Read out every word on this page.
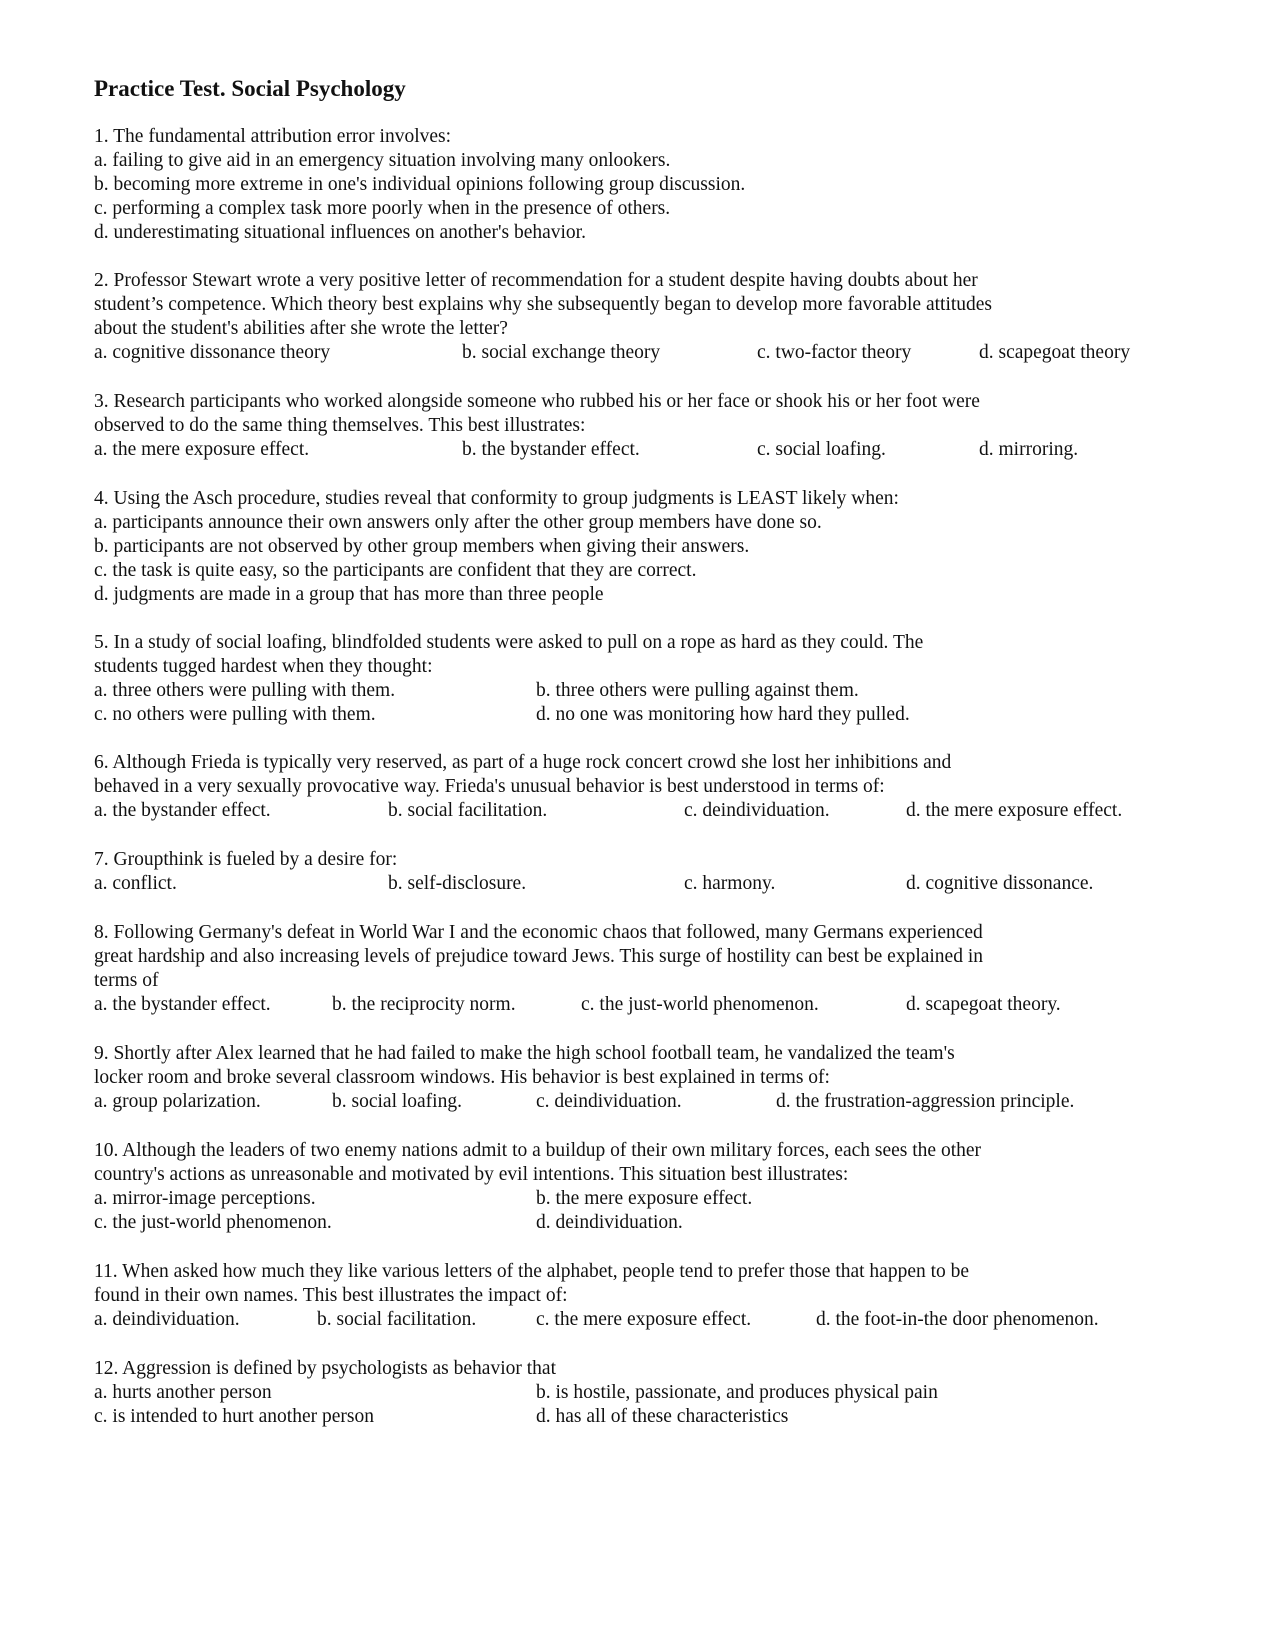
Practice Test. Social Psychology
1. The fundamental attribution error involves:
a. failing to give aid in an emergency situation involving many onlookers.
b. becoming more extreme in one's individual opinions following group discussion.
c. performing a complex task more poorly when in the presence of others.
d. underestimating situational influences on another's behavior.
2. Professor Stewart wrote a very positive letter of recommendation for a student despite having doubts about her
student’s competence. Which theory best explains why she subsequently began to develop more favorable attitudes
about the student's abilities after she wrote the letter?
a. cognitive dissonance theory	b. social exchange theory	c. two-factor theory	d. scapegoat theory
3. Research participants who worked alongside someone who rubbed his or her face or shook his or her foot were
observed to do the same thing themselves. This best illustrates:
a. the mere exposure effect.	b. the bystander effect.	c. social loafing.	d. mirroring.
4. Using the Asch procedure, studies reveal that conformity to group judgments is LEAST likely when:
a. participants announce their own answers only after the other group members have done so.
b. participants are not observed by other group members when giving their answers.
c. the task is quite easy, so the participants are confident that they are correct.
d. judgments are made in a group that has more than three people
5. In a study of social loafing, blindfolded students were asked to pull on a rope as hard as they could. The
students tugged hardest when they thought:
a. three others were pulling with them.	b. three others were pulling against them.
c. no others were pulling with them.	d. no one was monitoring how hard they pulled.
6. Although Frieda is typically very reserved, as part of a huge rock concert crowd she lost her inhibitions and
behaved in a very sexually provocative way. Frieda's unusual behavior is best understood in terms of:
a. the bystander effect.	b. social facilitation.	c. deindividuation.	d. the mere exposure effect.
7. Groupthink is fueled by a desire for:
a. conflict.	b. self-disclosure.	c. harmony.	d. cognitive dissonance.
8. Following Germany's defeat in World War I and the economic chaos that followed, many Germans experienced
great hardship and also increasing levels of prejudice toward Jews. This surge of hostility can best be explained in
terms of
a. the bystander effect.	b. the reciprocity norm.	c. the just-world phenomenon.	d. scapegoat theory.
9. Shortly after Alex learned that he had failed to make the high school football team, he vandalized the team's
locker room and broke several classroom windows. His behavior is best explained in terms of:
a. group polarization.	b. social loafing.	c. deindividuation.	d. the frustration-aggression principle.
10. Although the leaders of two enemy nations admit to a buildup of their own military forces, each sees the other
country's actions as unreasonable and motivated by evil intentions. This situation best illustrates:
a. mirror-image perceptions.	b. the mere exposure effect.
c. the just-world phenomenon.	d. deindividuation.
11. When asked how much they like various letters of the alphabet, people tend to prefer those that happen to be
found in their own names. This best illustrates the impact of:
a. deindividuation.	b. social facilitation.	c. the mere exposure effect.	d. the foot-in-the door phenomenon.
12. Aggression is defined by psychologists as behavior that
a. hurts another person	b. is hostile, passionate, and produces physical pain
c. is intended to hurt another person	d. has all of these characteristics
